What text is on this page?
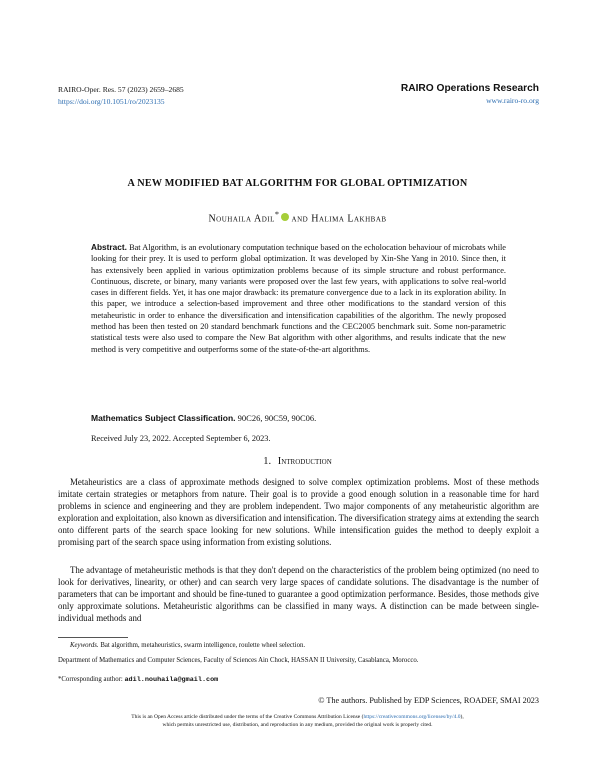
RAIRO-Oper. Res. 57 (2023) 2659–2685
https://doi.org/10.1051/ro/2023135
RAIRO Operations Research
www.rairo-ro.org
A NEW MODIFIED BAT ALGORITHM FOR GLOBAL OPTIMIZATION
Nouhaila Adil* and Halima Lakhbab
Abstract. Bat Algorithm, is an evolutionary computation technique based on the echolocation behaviour of microbats while looking for their prey. It is used to perform global optimization. It was developed by Xin-She Yang in 2010. Since then, it has extensively been applied in various optimization problems because of its simple structure and robust performance. Continuous, discrete, or binary, many variants were proposed over the last few years, with applications to solve real-world cases in different fields. Yet, it has one major drawback: its premature convergence due to a lack in its exploration ability. In this paper, we introduce a selection-based improvement and three other modifications to the standard version of this metaheuristic in order to enhance the diversification and intensification capabilities of the algorithm. The newly proposed method has been then tested on 20 standard benchmark functions and the CEC2005 benchmark suit. Some non-parametric statistical tests were also used to compare the New Bat algorithm with other algorithms, and results indicate that the new method is very competitive and outperforms some of the state-of-the-art algorithms.
Mathematics Subject Classification. 90C26, 90C59, 90C06.
Received July 23, 2022. Accepted September 6, 2023.
1. Introduction
Metaheuristics are a class of approximate methods designed to solve complex optimization problems. Most of these methods imitate certain strategies or metaphors from nature. Their goal is to provide a good enough solution in a reasonable time for hard problems in science and engineering and they are problem independent. Two major components of any metaheuristic algorithm are exploration and exploitation, also known as diversification and intensification. The diversification strategy aims at extending the search onto different parts of the search space looking for new solutions. While intensification guides the method to deeply exploit a promising part of the search space using information from existing solutions.
The advantage of metaheuristic methods is that they don't depend on the characteristics of the problem being optimized (no need to look for derivatives, linearity, or other) and can search very large spaces of candidate solutions. The disadvantage is the number of parameters that can be important and should be fine-tuned to guarantee a good optimization performance. Besides, those methods give only approximate solutions. Metaheuristic algorithms can be classified in many ways. A distinction can be made between single-individual methods and
Keywords. Bat algorithm, metaheuristics, swarm intelligence, roulette wheel selection.
Department of Mathematics and Computer Sciences, Faculty of Sciences Ain Chock, HASSAN II University, Casablanca, Morocco.
*Corresponding author: adil.nouhaila@gmail.com
© The authors. Published by EDP Sciences, ROADEF, SMAI 2023
This is an Open Access article distributed under the terms of the Creative Commons Attribution License (https://creativecommons.org/licenses/by/4.0),
which permits unrestricted use, distribution, and reproduction in any medium, provided the original work is properly cited.
